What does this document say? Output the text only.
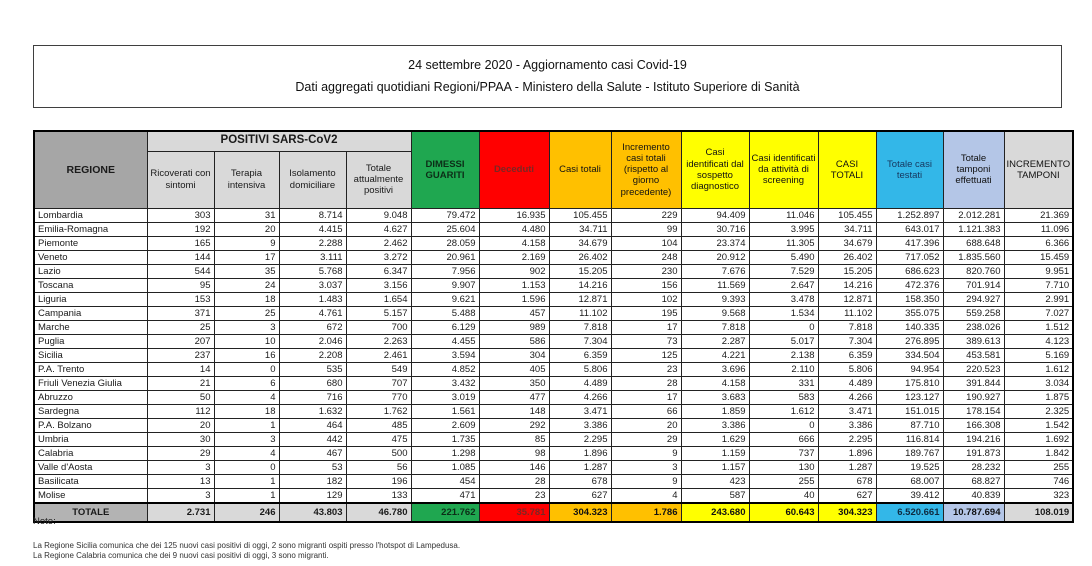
24 settembre 2020 - Aggiornamento casi Covid-19
Dati aggregati quotidiani Regioni/PPAA - Ministero della Salute - Istituto Superiore di Sanità
REGIONE	POSITIVI SARS-CoV2				DIMESSI GUARITI	Deceduti	Casi totali	Incremento casi totali (rispetto al giorno precedente)	Casi identificati dal sospetto diagnostico	Casi identificati da attività di screening	CASI TOTALI	Totale casi testati	Totale tamponi effettuati	INCREMENTO TAMPONI
	Ricoverati con sintomi	Terapia intensiva	Isolamento domiciliare	Totale attualmente positivi										
Lombardia	303	31	8.714	9.048	79.472	16.935	105.455	229	94.409	11.046	105.455	1.252.897	2.012.281	21.369
Emilia-Romagna	192	20	4.415	4.627	25.604	4.480	34.711	99	30.716	3.995	34.711	643.017	1.121.383	11.096
Piemonte	165	9	2.288	2.462	28.059	4.158	34.679	104	23.374	11.305	34.679	417.396	688.648	6.366
Veneto	144	17	3.111	3.272	20.961	2.169	26.402	248	20.912	5.490	26.402	717.052	1.835.560	15.459
Lazio	544	35	5.768	6.347	7.956	902	15.205	230	7.676	7.529	15.205	686.623	820.760	9.951
Toscana	95	24	3.037	3.156	9.907	1.153	14.216	156	11.569	2.647	14.216	472.376	701.914	7.710
Liguria	153	18	1.483	1.654	9.621	1.596	12.871	102	9.393	3.478	12.871	158.350	294.927	2.991
Campania	371	25	4.761	5.157	5.488	457	11.102	195	9.568	1.534	11.102	355.075	559.258	7.027
Marche	25	3	672	700	6.129	989	7.818	17	7.818	0	7.818	140.335	238.026	1.512
Puglia	207	10	2.046	2.263	4.455	586	7.304	73	2.287	5.017	7.304	276.895	389.613	4.123
Sicilia	237	16	2.208	2.461	3.594	304	6.359	125	4.221	2.138	6.359	334.504	453.581	5.169
P.A. Trento	14	0	535	549	4.852	405	5.806	23	3.696	2.110	5.806	94.954	220.523	1.612
Friuli Venezia Giulia	21	6	680	707	3.432	350	4.489	28	4.158	331	4.489	175.810	391.844	3.034
Abruzzo	50	4	716	770	3.019	477	4.266	17	3.683	583	4.266	123.127	190.927	1.875
Sardegna	112	18	1.632	1.762	1.561	148	3.471	66	1.859	1.612	3.471	151.015	178.154	2.325
P.A. Bolzano	20	1	464	485	2.609	292	3.386	20	3.386	0	3.386	87.710	166.308	1.542
Umbria	30	3	442	475	1.735	85	2.295	29	1.629	666	2.295	116.814	194.216	1.692
Calabria	29	4	467	500	1.298	98	1.896	9	1.159	737	1.896	189.767	191.873	1.842
Valle d'Aosta	3	0	53	56	1.085	146	1.287	3	1.157	130	1.287	19.525	28.232	255
Basilicata	13	1	182	196	454	28	678	9	423	255	678	68.007	68.827	746
Molise	3	1	129	133	471	23	627	4	587	40	627	39.412	40.839	323
TOTALE	2.731	246	43.803	46.780	221.762	35.781	304.323	1.786	243.680	60.643	304.323	6.520.661	10.787.694	108.019
Note:
La Regione Sicilia comunica che dei 125 nuovi casi positivi di oggi, 2 sono migranti ospiti presso l'hotspot di Lampedusa.
La Regione Calabria comunica che dei 9 nuovi casi positivi di oggi, 3 sono migranti.
